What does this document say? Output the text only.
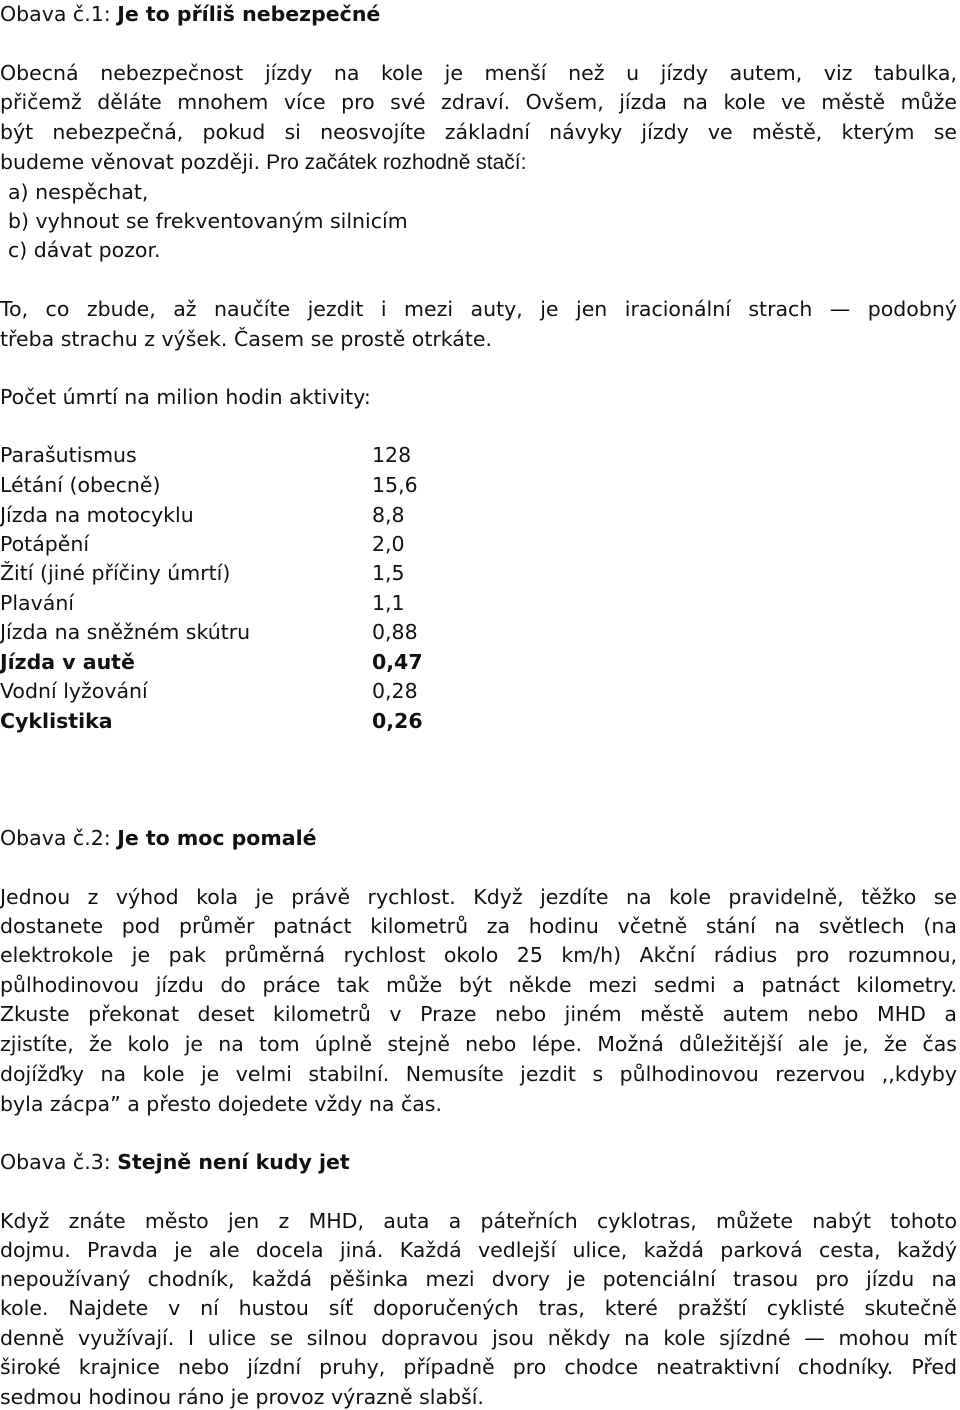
Obava č.1: Je to příliš nebezpečné
Obecná nebezpečnost jízdy na kole je menší než u jízdy autem, viz tabulka,
přičemž děláte mnohem více pro své zdraví. Ovšem, jízda na kole ve městě může
být nebezpečná, pokud si neosvojíte základní návyky jízdy ve městě, kterým se
budeme věnovat později. Pro začátek rozhodně stačí:
a) nespěchat,
b) vyhnout se frekventovaným silnicím
c) dávat pozor.
To, co zbude, až naučíte jezdit i mezi auty, je jen iracionální strach — podobný
třeba strachu z výšek. Časem se prostě otrkáte.
Počet úmrtí na milion hodin aktivity:
Parašutismus	128
Létání (obecně)	15,6
Jízda na motocyklu	8,8
Potápění	2,0
Žití (jiné příčiny úmrtí)	1,5
Plavání	1,1
Jízda na sněžném skútru	0,88
Jízda v autě	0,47
Vodní lyžování	0,28
Cyklistika	0,26
Obava č.2: Je to moc pomalé
Jednou z výhod kola je právě rychlost. Když jezdíte na kole pravidelně, těžko se
dostanete pod průměr patnáct kilometrů za hodinu včetně stání na světlech (na
elektrokole je pak průměrná rychlost okolo 25 km/h) Akční rádius pro rozumnou,
půlhodinovou jízdu do práce tak může být někde mezi sedmi a patnáct kilometry.
Zkuste překonat deset kilometrů v Praze nebo jiném městě autem nebo MHD a
zjistíte, že kolo je na tom úplně stejně nebo lépe. Možná důležitější ale je, že čas
dojížďky na kole je velmi stabilní. Nemusíte jezdit s půlhodinovou rezervou ,,kdyby
byla zácpa” a přesto dojedete vždy na čas.
Obava č.3: Stejně není kudy jet
Když znáte město jen z MHD, auta a páteřních cyklotras, můžete nabýt tohoto
dojmu. Pravda je ale docela jiná. Každá vedlejší ulice, každá parková cesta, každý
nepoužívaný chodník, každá pěšinka mezi dvory je potenciální trasou pro jízdu na
kole. Najdete v ní hustou síť doporučených tras, které pražští cyklisté skutečně
denně využívají. I ulice se silnou dopravou jsou někdy na kole sjízdné — mohou mít
široké krajnice nebo jízdní pruhy, případně pro chodce neatraktivní chodníky. Před
sedmou hodinou ráno je provoz výrazně slabší.
